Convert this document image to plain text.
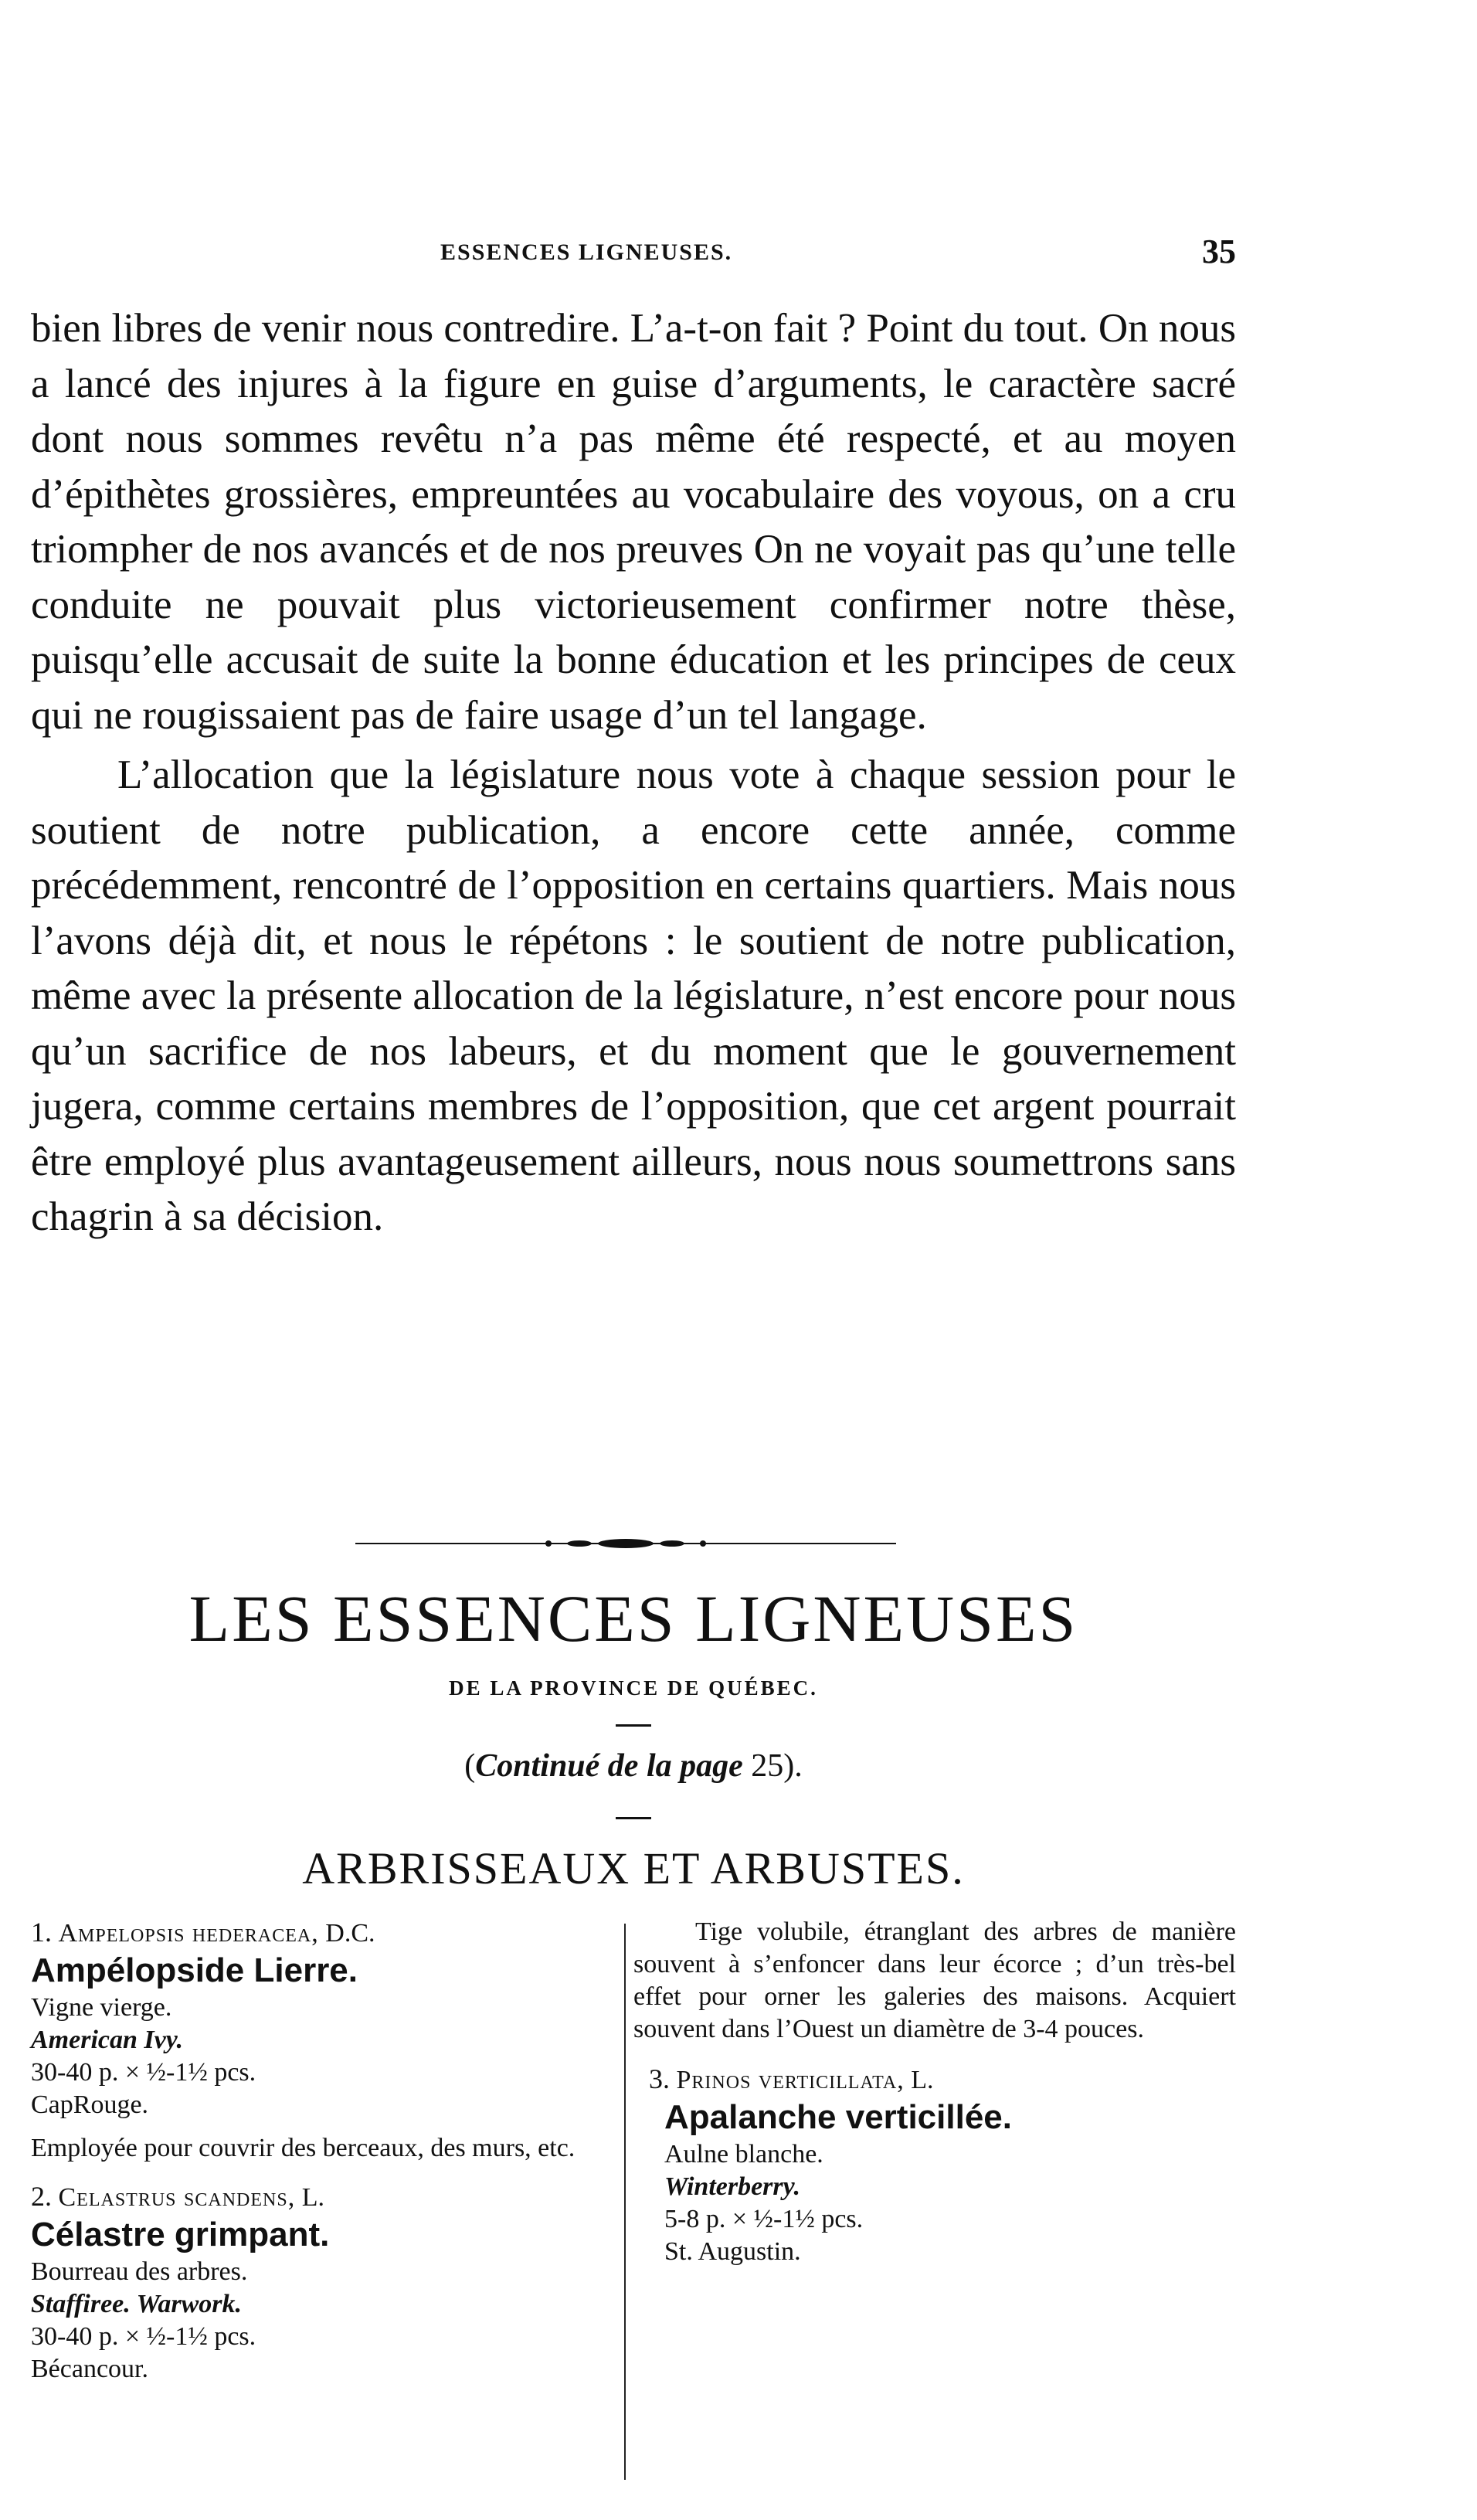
ESSENCES LIGNEUSES.	35

bien libres de venir nous contredire. L’a-t-on fait ? Point du tout. On nous a lancé des injures à la figure en guise d’arguments, le caractère sacré dont nous sommes revêtu n’a pas même été respecté, et au moyen d’épithètes grossières, empreuntées au vocabulaire des voyous, on a cru triompher de nos avancés et de nos preuves On ne voyait pas qu’une telle conduite ne pouvait plus victorieusement confirmer notre thèse, puisqu’elle accusait de suite la bonne éducation et les principes de ceux qui ne rougissaient pas de faire usage d’un tel langage.

L’allocation que la législature nous vote à chaque session pour le soutient de notre publication, a encore cette année, comme précédemment, rencontré de l’opposition en certains quartiers. Mais nous l’avons déjà dit, et nous le répétons : le soutient de notre publication, même avec la présente allocation de la législature, n’est encore pour nous qu’un sacrifice de nos labeurs, et du moment que le gouvernement jugera, comme certains membres de l’opposition, que cet argent pourrait être employé plus avantageusement ailleurs, nous nous soumettrons sans chagrin à sa décision.

LES ESSENCES LIGNEUSES
DE LA PROVINCE DE QUÉBEC.
(Continué de la page 25).
ARBRISSEAUX ET ARBUSTES.
1. Ampelopsis hederacea, D.C.
Ampélopside Lierre.
Vigne vierge.
American Ivy.
30-40 p. × ½-1½ pcs.
CapRouge.
Employée pour couvrir des berceaux, des murs, etc.
2. Celastrus scandens, L.
Célastre grimpant.
Bourreau des arbres.
Staffiree. Warwork.
30-40 p. × ½-1½ pcs.
Bécancour.
Tige volubile, étranglant des arbres de manière souvent à s’enfoncer dans leur écorce ; d’un très-bel effet pour orner les galeries des maisons. Acquiert souvent dans l’Ouest un diamètre de 3-4 pouces.
3. Prinos verticillata, L.
Apalanche verticillée.
Aulne blanche.
Winterberry.
5-8 p. × ½-1½ pcs.
St. Augustin.
